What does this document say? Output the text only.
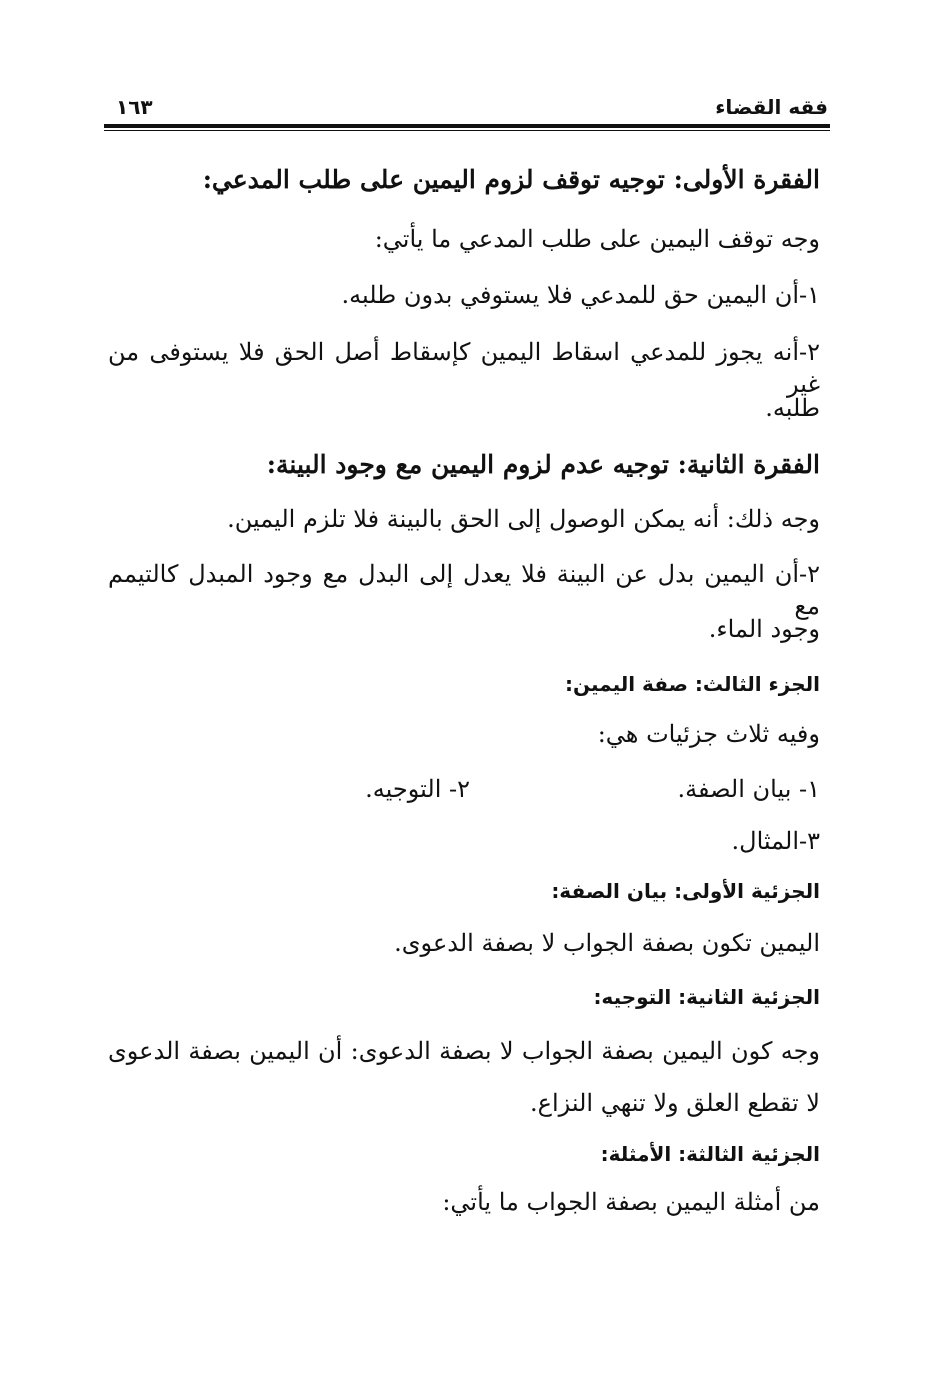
فقه القضاء
١٦٣
الفقرة الأولى: توجيه توقف لزوم اليمين على طلب المدعي:
وجه توقف اليمين على طلب المدعي ما يأتي:
١-أن اليمين حق للمدعي فلا يستوفي بدون طلبه.
٢-أنه يجوز للمدعي اسقاط اليمين كإسقاط أصل الحق فلا يستوفى من غير
طلبه.
الفقرة الثانية: توجيه عدم لزوم اليمين مع وجود البينة:
وجه ذلك: أنه يمكن الوصول إلى الحق بالبينة فلا تلزم اليمين.
٢-أن اليمين بدل عن البينة فلا يعدل إلى البدل مع وجود المبدل كالتيمم مع
وجود الماء.
الجزء الثالث: صفة اليمين:
وفيه ثلاث جزئيات هي:
١- بيان الصفة.
٢- التوجيه.
٣-المثال.
الجزئية الأولى: بيان الصفة:
اليمين تكون بصفة الجواب لا بصفة الدعوى.
الجزئية الثانية: التوجيه:
وجه كون اليمين بصفة الجواب لا بصفة الدعوى: أن اليمين بصفة الدعوى
لا تقطع العلق ولا تنهي النزاع.
الجزئية الثالثة: الأمثلة:
من أمثلة اليمين بصفة الجواب ما يأتي:
